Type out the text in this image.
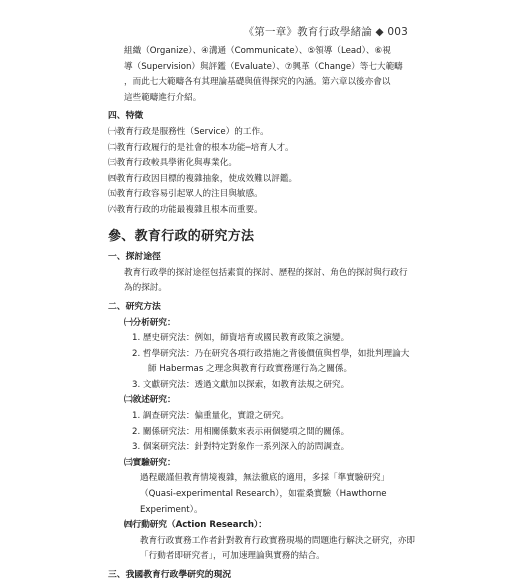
《第一章》教育行政學緒論 ◆ 003

組織（Organize）、④溝通（Communicate）、⑤領導（Lead）、⑥視

導（Supervision）與評鑑（Evaluate）、⑦興革（Change）等七大範疇

，而此七大範疇各有其理論基礎與值得探究的內涵。第六章以後亦會以

這些範疇進行介紹。

四、特徵

㈠教育行政是服務性（Service）的工作。

㈡教育行政履行的是社會的根本功能─培育人才。

㈢教育行政較具學術化與專業化。

㈣教育行政因目標的複雜抽象，使成效難以評鑑。

㈤教育行政容易引起眾人的注目與敏感。

㈥教育行政的功能最複雜且根本而重要。

參、教育行政的研究方法

一、探討途徑

教育行政學的探討途徑包括素質的探討、歷程的探討、角色的探討與行政行

為的探討。

二、研究方法

㈠分析研究：

1. 歷史研究法：例如，師資培育或國民教育政策之演變。

2. 哲學研究法：乃在研究各項行政措施之背後價值與哲學，如批判理論大

師 Habermas 之理念與教育行政實務運行為之關係。

3. 文獻研究法：透過文獻加以探索，如教育法規之研究。

㈡敘述研究：

1. 調查研究法：偏重量化，實證之研究。

2. 關係研究法：用相關係數來表示兩個變項之間的關係。

3. 個案研究法：針對特定對象作一系列深入的訪問調查。

㈢實驗研究：

過程嚴謹但教育情境複雜，無法徹底的適用，多採「準實驗研究」

（Quasi-experimental Research），如霍桑實驗（Hawthorne Experiment）。

㈣行動研究（Action Research）：

教育行政實務工作者針對教育行政實務現場的問題進行解決之研究，亦即

「行動者即研究者」，可加速理論與實務的結合。

三、我國教育行政學研究的現況
